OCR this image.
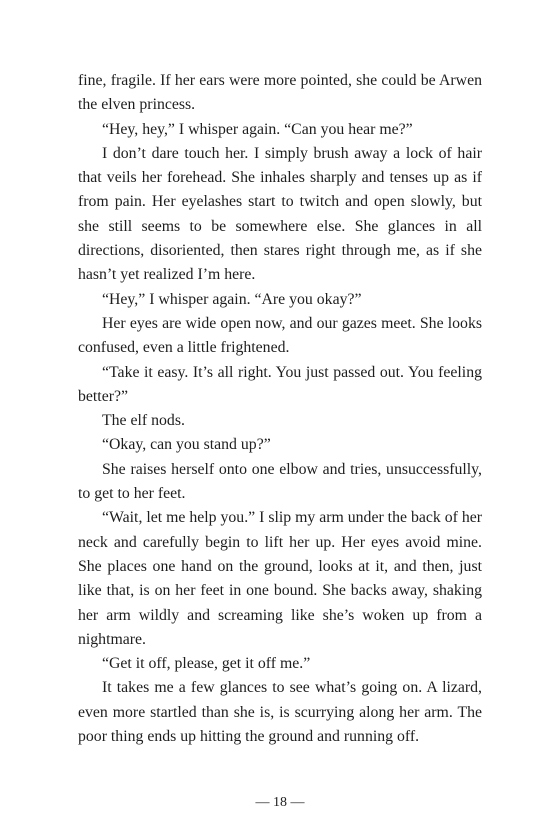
fine, fragile. If her ears were more pointed, she could be Arwen the elven princess.

“Hey, hey,” I whisper again. “Can you hear me?”

I don’t dare touch her. I simply brush away a lock of hair that veils her forehead. She inhales sharply and tenses up as if from pain. Her eyelashes start to twitch and open slowly, but she still seems to be somewhere else. She glances in all directions, disoriented, then stares right through me, as if she hasn’t yet realized I’m here.

“Hey,” I whisper again. “Are you okay?”

Her eyes are wide open now, and our gazes meet. She looks confused, even a little frightened.

“Take it easy. It’s all right. You just passed out. You feeling better?”

The elf nods.

“Okay, can you stand up?”

She raises herself onto one elbow and tries, unsuccessfully, to get to her feet.

“Wait, let me help you.” I slip my arm under the back of her neck and carefully begin to lift her up. Her eyes avoid mine. She places one hand on the ground, looks at it, and then, just like that, is on her feet in one bound. She backs away, shaking her arm wildly and screaming like she’s woken up from a nightmare.

“Get it off, please, get it off me.”

It takes me a few glances to see what’s going on. A lizard, even more startled than she is, is scurrying along her arm. The poor thing ends up hitting the ground and running off.

— 18 —
